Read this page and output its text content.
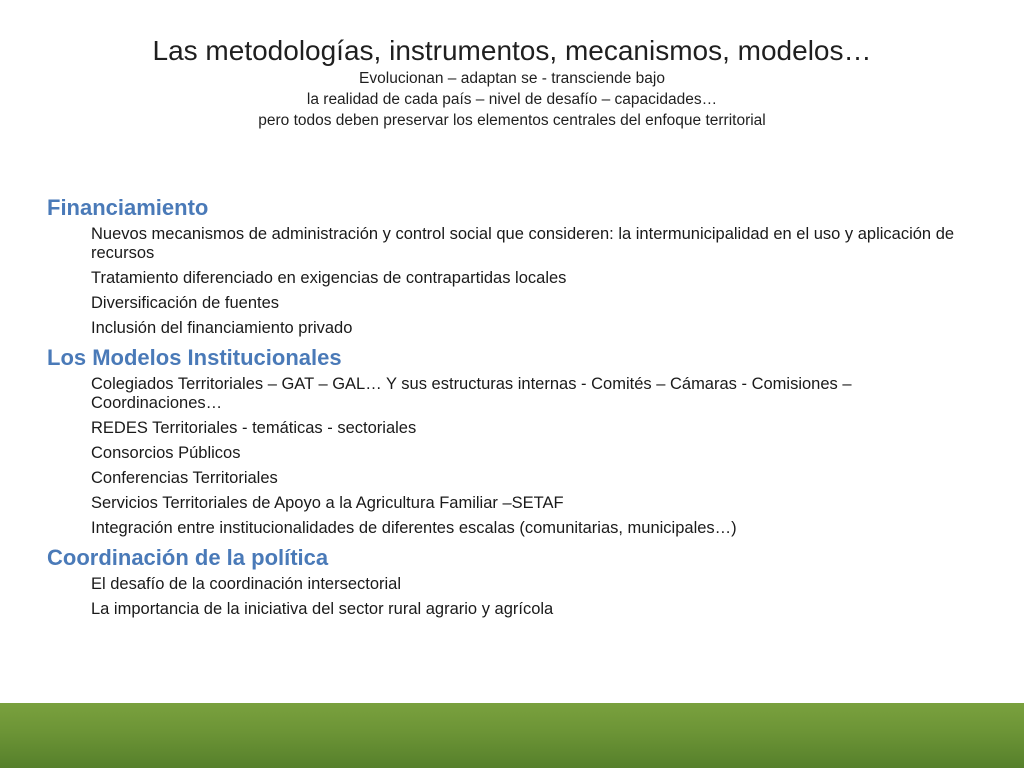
Las metodologías, instrumentos, mecanismos, modelos…

Evolucionan – adaptan se - transciende bajo

la realidad de cada país – nivel de desafío – capacidades…

pero todos deben preservar los elementos centrales del enfoque territorial

Financiamiento
Nuevos mecanismos de administración y control social que consideren: la intermunicipalidad en el uso y aplicación de recursos
Tratamiento diferenciado en exigencias de contrapartidas locales
Diversificación de fuentes
Inclusión del financiamiento privado
Los Modelos Institucionales
Colegiados Territoriales – GAT – GAL… Y sus estructuras internas - Comités – Cámaras - Comisiones – Coordinaciones…
REDES Territoriales - temáticas - sectoriales
Consorcios Públicos
Conferencias Territoriales
Servicios Territoriales de Apoyo a la Agricultura Familiar –SETAF
Integración entre institucionalidades de diferentes escalas (comunitarias, municipales…)
Coordinación de la política
El desafío de la coordinación intersectorial
La importancia de la iniciativa del sector rural agrario y agrícola
